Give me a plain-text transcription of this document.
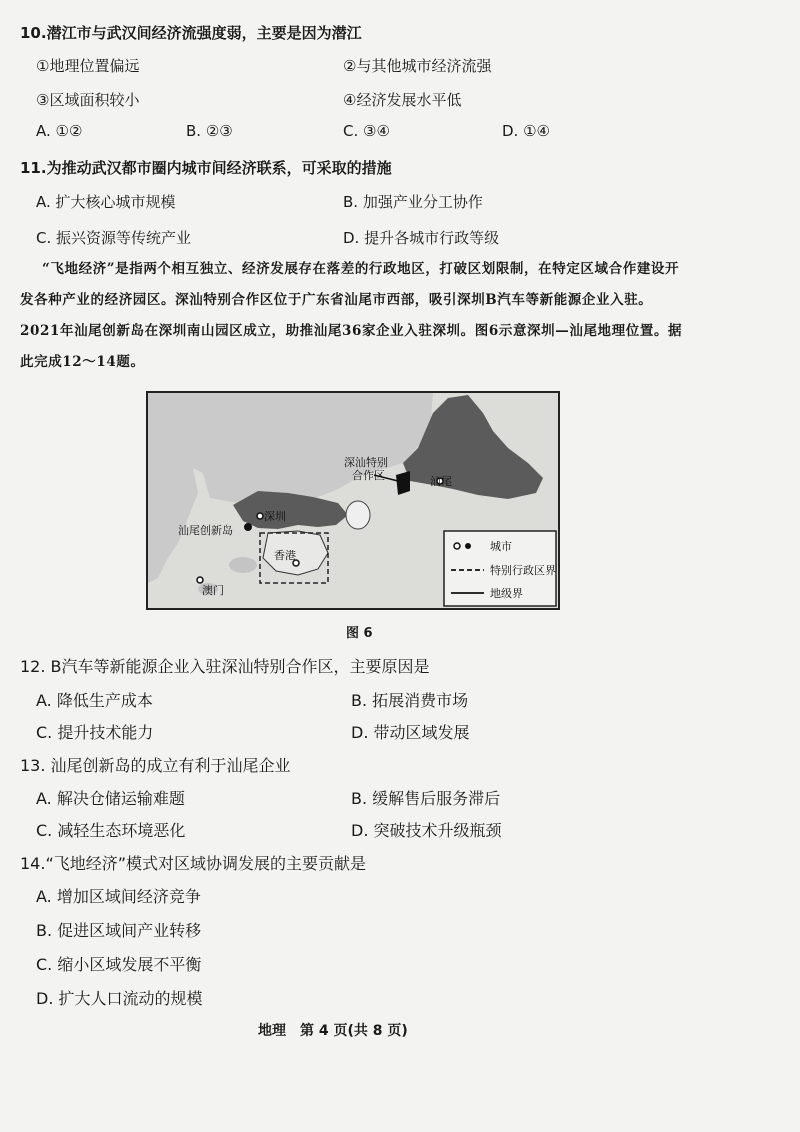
10.潜江市与武汉间经济流强度弱，主要是因为潜江
①地理位置偏远	②与其他城市经济流强
③区域面积较小	④经济发展水平低
A. ①②	B. ②③	C. ③④	D. ①④
11.为推动武汉都市圈内城市间经济联系，可采取的措施
A. 扩大核心城市规模	B. 加强产业分工协作
C. 振兴资源等传统产业	D. 提升各城市行政等级
“飞地经济”是指两个相互独立、经济发展存在落差的行政地区，打破区划限制，在特定区域合作建设开发各种产业的经济园区。深汕特别合作区位于广东省汕尾市西部，吸引深圳B汽车等新能源企业入驻。2021年汕尾创新岛在深圳南山园区成立，助推汕尾36家企业入驻深圳。图6示意深圳—汕尾地理位置。据此完成12～14题。
深汕特别
合作区	汕尾
深圳
汕尾创新岛
香港
澳门
城市
特别行政区界
地级界
图 6
12. B汽车等新能源企业入驻深汕特别合作区，主要原因是
A. 降低生产成本	B. 拓展消费市场
C. 提升技术能力	D. 带动区域发展
13. 汕尾创新岛的成立有利于汕尾企业
A. 解决仓储运输难题	B. 缓解售后服务滞后
C. 减轻生态环境恶化	D. 突破技术升级瓶颈
14.“飞地经济”模式对区域协调发展的主要贡献是
A. 增加区域间经济竞争
B. 促进区域间产业转移
C. 缩小区域发展不平衡
D. 扩大人口流动的规模
地理　第 4 页(共 8 页)
